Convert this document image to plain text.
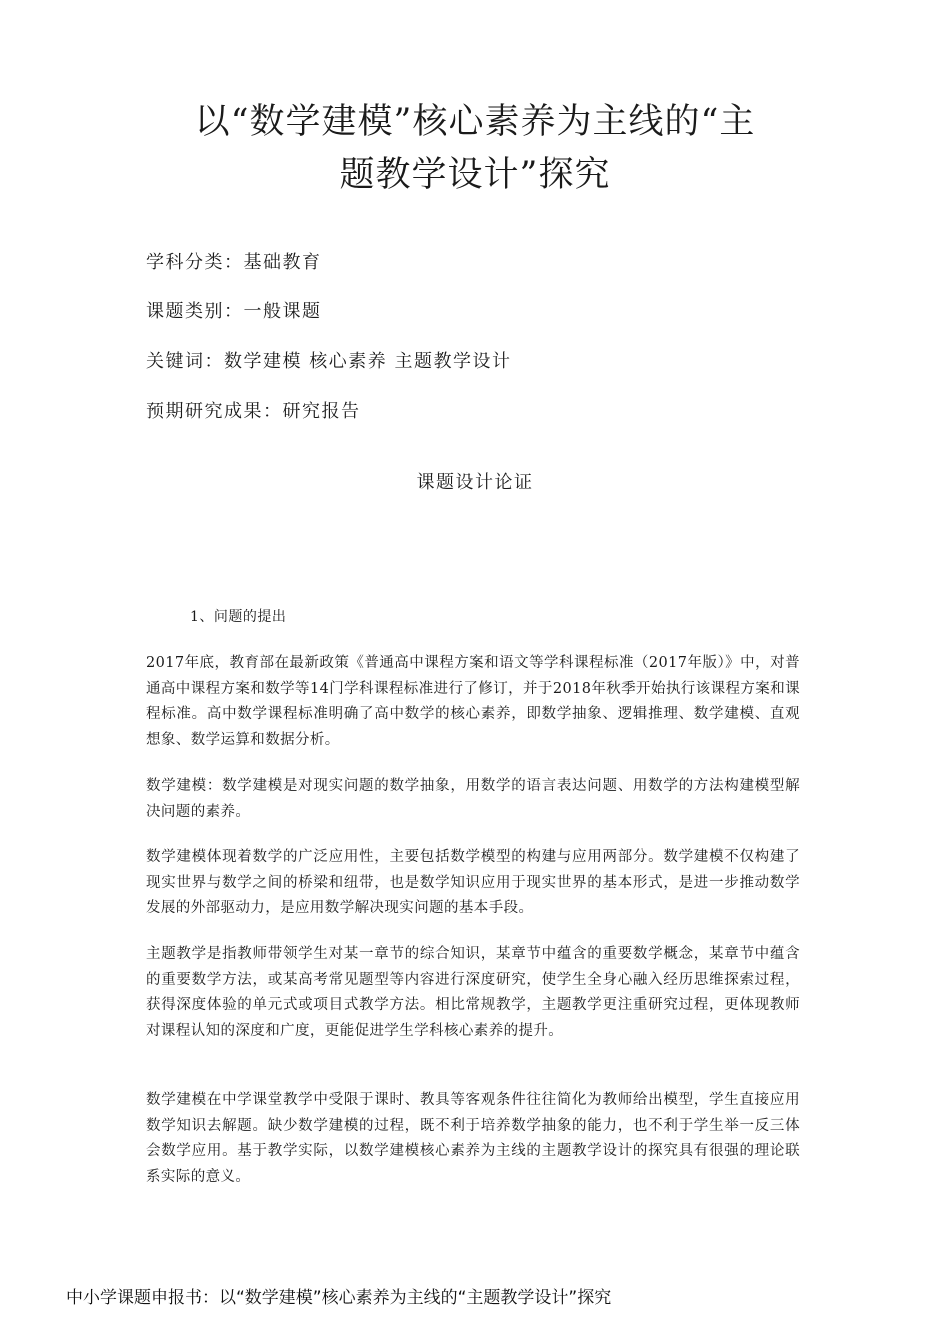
以“数学建模”核心素养为主线的“主
题教学设计”探究

学科分类：基础教育

课题类别：一般课题

关键词：数学建模 核心素养 主题教学设计

预期研究成果：研究报告

课题设计论证

1、问题的提出

2017年底，教育部在最新政策《普通高中课程方案和语文等学科课程标准（2017年版）》中，对普通高中课程方案和数学等14门学科课程标准进行了修订，并于2018年秋季开始执行该课程方案和课程标准。高中数学课程标准明确了高中数学的核心素养，即数学抽象、逻辑推理、数学建模、直观想象、数学运算和数据分析。

数学建模：数学建模是对现实问题的数学抽象，用数学的语言表达问题、用数学的方法构建模型解决问题的素养。

数学建模体现着数学的广泛应用性，主要包括数学模型的构建与应用两部分。数学建模不仅构建了现实世界与数学之间的桥梁和纽带，也是数学知识应用于现实世界的基本形式，是进一步推动数学发展的外部驱动力，是应用数学解决现实问题的基本手段。

主题教学是指教师带领学生对某一章节的综合知识，某章节中蕴含的重要数学概念，某章节中蕴含的重要数学方法，或某高考常见题型等内容进行深度研究，使学生全身心融入经历思维探索过程，获得深度体验的单元式或项目式教学方法。相比常规教学，主题教学更注重研究过程，更体现教师对课程认知的深度和广度，更能促进学生学科核心素养的提升。

数学建模在中学课堂教学中受限于课时、教具等客观条件往往简化为教师给出模型，学生直接应用数学知识去解题。缺少数学建模的过程，既不利于培养数学抽象的能力，也不利于学生举一反三体会数学应用。基于教学实际，以数学建模核心素养为主线的主题教学设计的探究具有很强的理论联系实际的意义。

中小学课题申报书：以“数学建模”核心素养为主线的“主题教学设计”探究
